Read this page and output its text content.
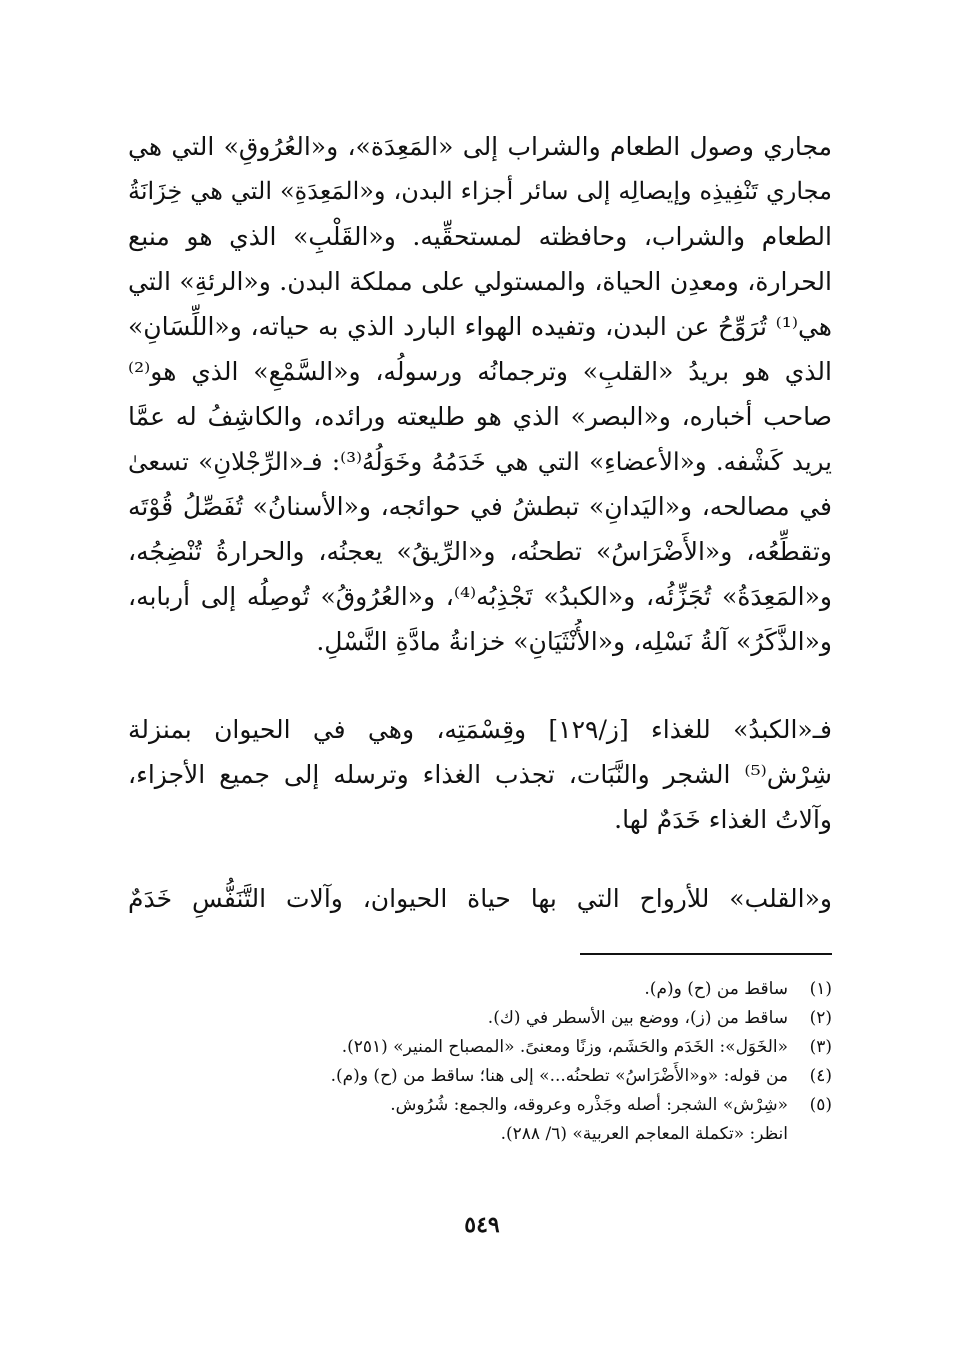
مجاري وصول الطعام والشراب إلى «المَعِدَة»، و«العُرُوقِ» التي هي
مجاري تَنْفِيذِه وإيصالِه إلى سائر أجزاء البدن، و«المَعِدَةِ» التي هي خِزَانَةُ
الطعام والشراب، وحافظته لمستحقِّيه. و«القَلْبِ» الذي هو منبع
الحرارة، ومعدِن الحياة، والمستولي على مملكة البدن. و«الرئةِ» التي
هي⁽¹⁾ تُرَوِّحُ عن البدن، وتفيده الهواء البارد الذي به حياته، و«اللِّسَانِ»
الذي هو بريدُ «القلبِ» وترجمانُه ورسولُه، و«السَّمْعِ» الذي هو⁽²⁾
صاحب أخباره، و«البصر» الذي هو طليعته ورائده، والكاشِفُ له عمَّا
يريد كَشْفه. و«الأعضاءِ» التي هي خَدَمُهُ وخَوَلُهُ⁽³⁾: فـ«الرِّجْلانِ» تسعىٰ
في مصالحه، و«اليَدانِ» تبطشُ في حوائجه، و«الأسنانُ» تُفَصِّلُ قُوْتَه
وتقطِّعُه، و«الأَضْرَاسُ» تطحنُه، و«الرِّيقُ» يعجنُه، والحرارةُ تُنْضِجُه،
و«المَعِدَةُ» تُجَزِّئُه، و«الكبدُ» تَجْذِبُه⁽⁴⁾، و«العُرُوقُ» تُوصِلُه إلى أربابه،
و«الذَّكَرُ» آلةُ نَسْلِه، و«الأُنْثَيَانِ» خزانةُ مادَّةِ النَّسْلِ.
فـ«الكبدُ» للغذاء [ز/١٢٩] وقِسْمَتِه، وهي في الحيوان بمنزلة
شِرْش⁽⁵⁾ الشجر والنَّبَات، تجذب الغذاء وترسله إلى جميع الأجزاء،
وآلاتُ الغذاء خَدَمٌ لها.
و«القلب» للأرواح التي بها حياة الحيوان، وآلات التَّنَفُّسِ خَدَمٌ
(١)ساقط من (ح) و(م).
(٢)ساقط من (ز)، ووضع بين الأسطر في (ك).
(٣)«الخَوَل»: الخَدَم والحَشَم، وزنًا ومعنىً. «المصباح المنير» (٢٥١).
(٤)من قوله: «و«الأَضْرَاسُ» تطحنُه...» إلى هنا؛ ساقط من (ح) و(م).
(٥)«شِرْش» الشجر: أصله وجَذْره وعروقه، والجمع: شُرُوش.
انظر: «تكملة المعاجم العربية» (٦/ ٢٨٨).
٥٤٩
